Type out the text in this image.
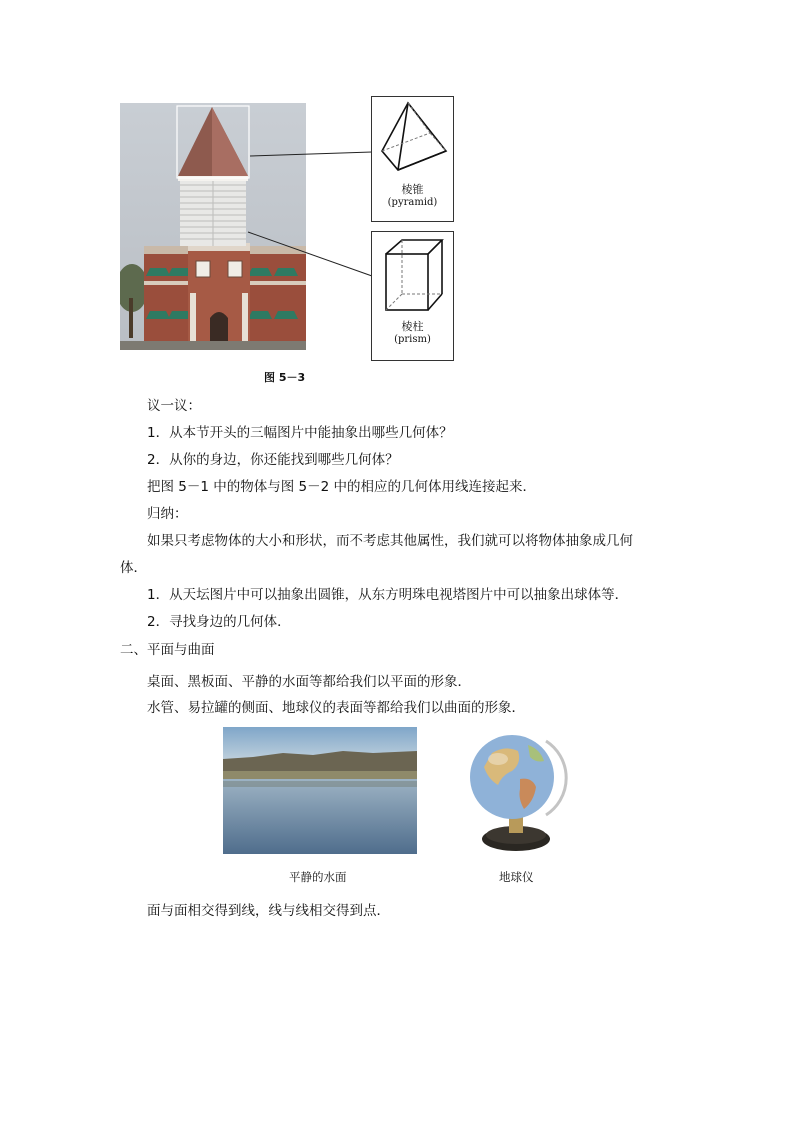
棱锥
(pyramid)
棱柱
(prism)
图 5－3
议一议：
1．从本节开头的三幅图片中能抽象出哪些几何体？
2．从你的身边，你还能找到哪些几何体？
把图 5－1 中的物体与图 5－2 中的相应的几何体用线连接起来．
归纳：
如果只考虑物体的大小和形状，而不考虑其他属性，我们就可以将物体抽象成几何
体．
1．从天坛图片中可以抽象出圆锥，从东方明珠电视塔图片中可以抽象出球体等．
2．寻找身边的几何体．
二、平面与曲面
桌面、黑板面、平静的水面等都给我们以平面的形象．
水管、易拉罐的侧面、地球仪的表面等都给我们以曲面的形象．
平静的水面	地球仪
面与面相交得到线，线与线相交得到点．
